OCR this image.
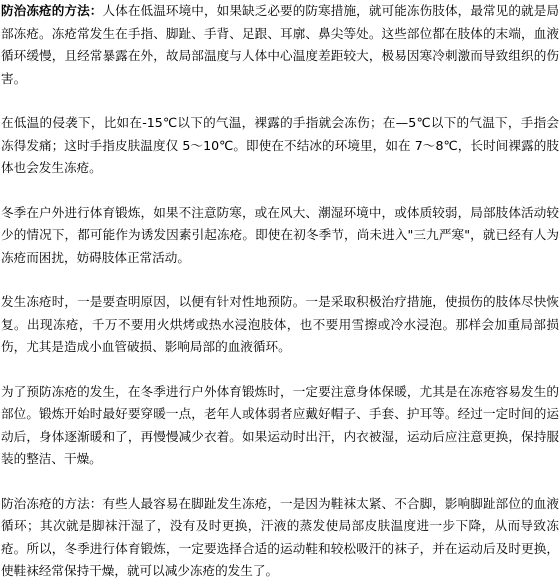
防治冻疮的方法：人体在低温环境中，如果缺乏必要的防寒措施，就可能冻伤肢体，最常见的就是局部冻疮。冻疮常发生在手指、脚趾、手背、足跟、耳廓、鼻尖等处。这些部位都在肢体的末端，血液循环缓慢，且经常暴露在外，故局部温度与人体中心温度差距较大，极易因寒冷刺激而导致组织的伤害。

在低温的侵袭下，比如在-15℃以下的气温，裸露的手指就会冻伤；在—5℃以下的气温下，手指会冻得发痛；这时手指皮肤温度仅 5～10℃。即使在不结冰的环境里，如在 7～8℃，长时间裸露的肢体也会发生冻疮。

冬季在户外进行体育锻炼，如果不注意防寒，或在风大、潮湿环境中，或体质较弱，局部肢体活动较少的情况下，都可能作为诱发因素引起冻疮。即使在初冬季节，尚未进入"三九严寒"，就已经有人为冻疮而困扰，妨碍肢体正常活动。

发生冻疮时，一是要查明原因，以便有针对性地预防。一是采取积极治疗措施，使损伤的肢体尽快恢复。出现冻疮，千万不要用火烘烤或热水浸泡肢体，也不要用雪擦或冷水浸泡。那样会加重局部损伤，尤其是造成小血管破损、影响局部的血液循环。

为了预防冻疮的发生，在冬季进行户外体育锻炼时，一定要注意身体保暖，尤其是在冻疮容易发生的部位。锻炼开始时最好要穿暖一点，老年人或体弱者应戴好帽子、手套、护耳等。经过一定时间的运动后，身体逐渐暖和了，再慢慢减少衣着。如果运动时出汗，内衣被湿，运动后应注意更换，保持服装的整洁、干燥。

防治冻疮的方法：有些人最容易在脚趾发生冻疮，一是因为鞋袜太紧、不合脚，影响脚趾部位的血液循环；其次就是脚袜汗湿了，没有及时更换，汗液的蒸发使局部皮肤温度进一步下降，从而导致冻疮。所以，冬季进行体育锻炼，一定要选择合适的运动鞋和较松吸汗的袜子，并在运动后及时更换，使鞋袜经常保持干燥，就可以减少冻疮的发生了。
